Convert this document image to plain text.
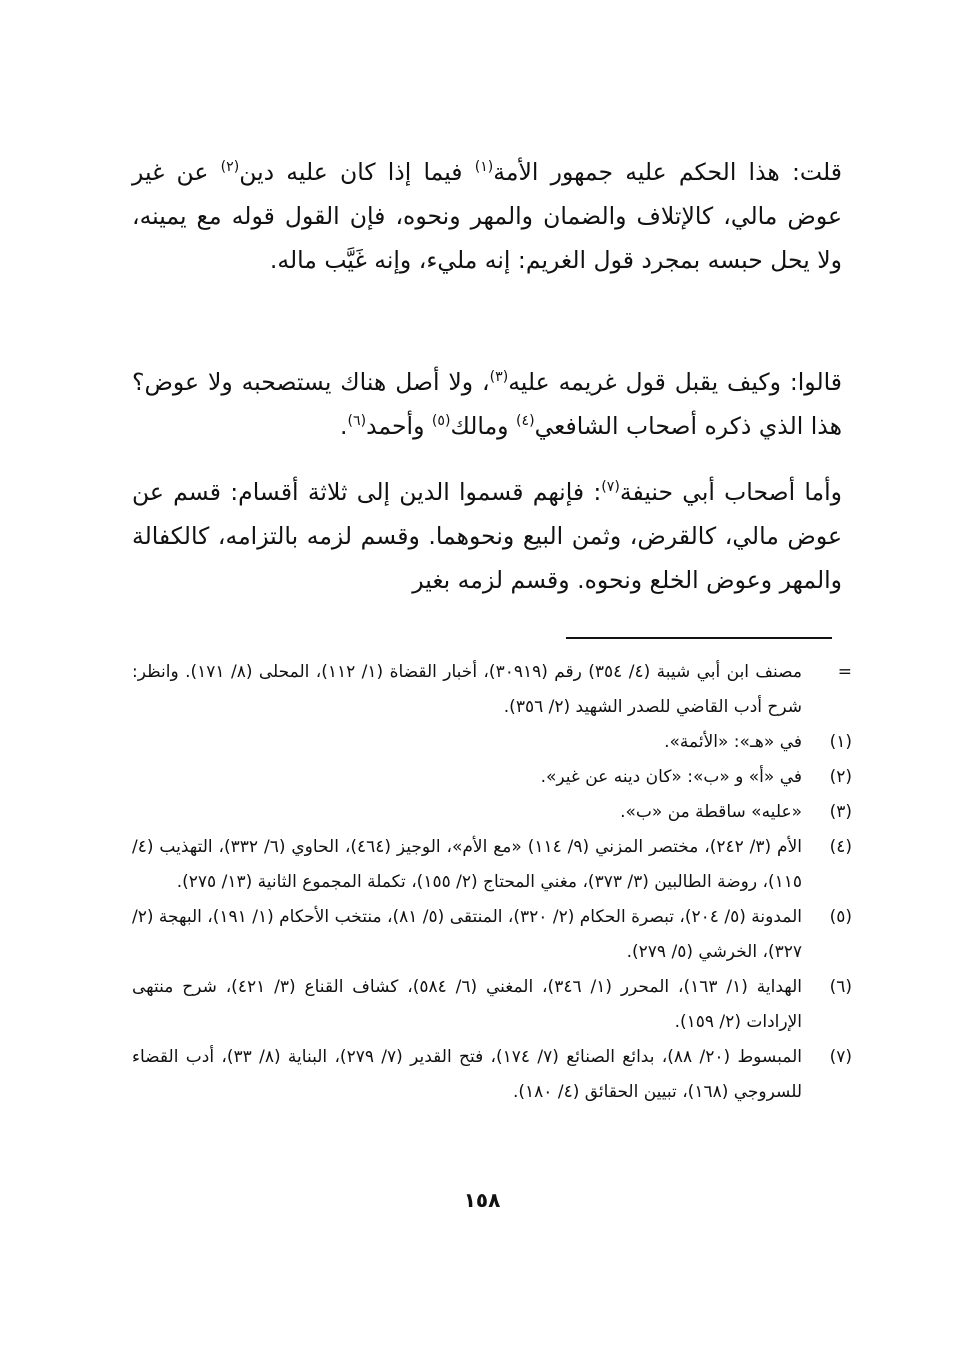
قلت: هذا الحكم عليه جمهور الأمة$^{(١)}$ فيما إذا كان عليه دين$^{(٢)}$ عن غير عوض مالي، كالإتلاف والضمان والمهر ونحوه، فإن القول قوله مع يمينه، ولا يحل حبسه بمجرد قول الغريم: إنه مليء، وإنه غَيَّب ماله.

قالوا: وكيف يقبل قول غريمه عليه$^{(٣)}$، ولا أصل هناك يستصحبه ولا عوض؟ هذا الذي ذكره أصحاب الشافعي$^{(٤)}$ ومالك$^{(٥)}$ وأحمد$^{(٦)}$.

وأما أصحاب أبي حنيفة$^{(٧)}$: فإنهم قسموا الدين إلى ثلاثة أقسام: قسم عن عوض مالي، كالقرض، وثمن البيع ونحوهما. وقسم لزمه بالتزامه، كالكفالة والمهر وعوض الخلع ونحوه. وقسم لزمه بغير

=
مصنف ابن أبي شيبة (٤/ ٣٥٤) رقم (٣٠٩١٩)، أخبار القضاة (١/ ١١٢)، المحلى (٨/ ١٧١). وانظر: شرح أدب القاضي للصدر الشهيد (٢/ ٣٥٦).
(١)
في «هـ»: «الأئمة».
(٢)
في «أ» و «ب»: «كان دينه عن غير».
(٣)
«عليه» ساقطة من «ب».
(٤)
الأم (٣/ ٢٤٢)، مختصر المزني (٩/ ١١٤) «مع الأم»، الوجيز (٤٦٤)، الحاوي (٦/ ٣٣٢)، التهذيب (٤/ ١١٥)، روضة الطالبين (٣/ ٣٧٣)، مغني المحتاج (٢/ ١٥٥)، تكملة المجموع الثانية (١٣/ ٢٧٥).
(٥)
المدونة (٥/ ٢٠٤)، تبصرة الحكام (٢/ ٣٢٠)، المنتقى (٥/ ٨١)، منتخب الأحكام (١/ ١٩١)، البهجة (٢/ ٣٢٧)، الخرشي (٥/ ٢٧٩).
(٦)
الهداية (١/ ١٦٣)، المحرر (١/ ٣٤٦)، المغني (٦/ ٥٨٤)، كشاف القناع (٣/ ٤٢١)، شرح منتهى الإرادات (٢/ ١٥٩).
(٧)
المبسوط (٢٠/ ٨٨)، بدائع الصنائع (٧/ ١٧٤)، فتح القدير (٧/ ٢٧٩)، البناية (٨/ ٣٣)، أدب القضاء للسروجي (١٦٨)، تبيين الحقائق (٤/ ١٨٠).
١٥٨
